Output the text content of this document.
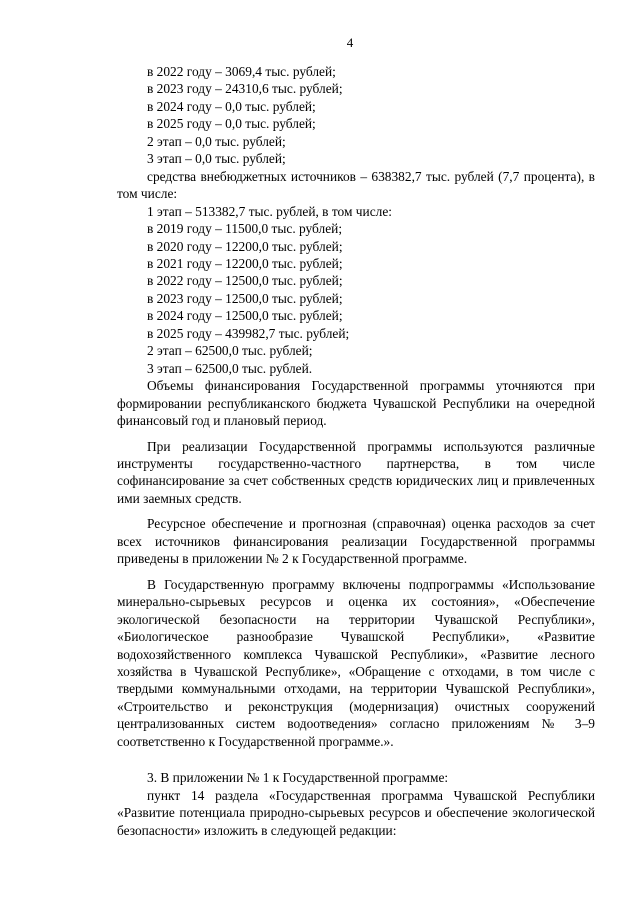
4

в 2022 году – 3069,4 тыс. рублей;

в 2023 году – 24310,6 тыс. рублей;

в 2024 году – 0,0 тыс. рублей;

в 2025 году – 0,0 тыс. рублей;

2 этап – 0,0 тыс. рублей;

3 этап – 0,0 тыс. рублей;

средства внебюджетных источников – 638382,7 тыс. рублей (7,7 процента), в том числе:

1 этап – 513382,7 тыс. рублей, в том числе:

в 2019 году – 11500,0 тыс. рублей;

в 2020 году – 12200,0 тыс. рублей;

в 2021 году – 12200,0 тыс. рублей;

в 2022 году – 12500,0 тыс. рублей;

в 2023 году – 12500,0 тыс. рублей;

в 2024 году – 12500,0 тыс. рублей;

в 2025 году – 439982,7 тыс. рублей;

2 этап – 62500,0 тыс. рублей;

3 этап – 62500,0 тыс. рублей.

Объемы финансирования Государственной программы уточняются при формировании республиканского бюджета Чувашской Республики на очередной финансовый год и плановый период.

При реализации Государственной программы используются различные инструменты государственно-частного партнерства, в том числе софинансирование за счет собственных средств юридических лиц и привлеченных ими заемных средств.

Ресурсное обеспечение и прогнозная (справочная) оценка расходов за счет всех источников финансирования реализации Государственной программы приведены в приложении № 2 к Государственной программе.

В Государственную программу включены подпрограммы «Использование минерально-сырьевых ресурсов и оценка их состояния», «Обеспечение экологической безопасности на территории Чувашской Республики», «Биологическое разнообразие Чувашской Республики», «Развитие водохозяйственного комплекса Чувашской Республики», «Развитие лесного хозяйства в Чувашской Республике», «Обращение с отходами, в том числе с твердыми коммунальными отходами, на территории Чувашской Республики», «Строительство и реконструкция (модернизация) очистных сооружений централизованных систем водоотведения» согласно приложениям № 3–9 соответственно к Государственной программе.».

3. В приложении № 1 к Государственной программе:

пункт 14 раздела «Государственная программа Чувашской Республики «Развитие потенциала природно-сырьевых ресурсов и обеспечение экологической безопасности» изложить в следующей редакции:
